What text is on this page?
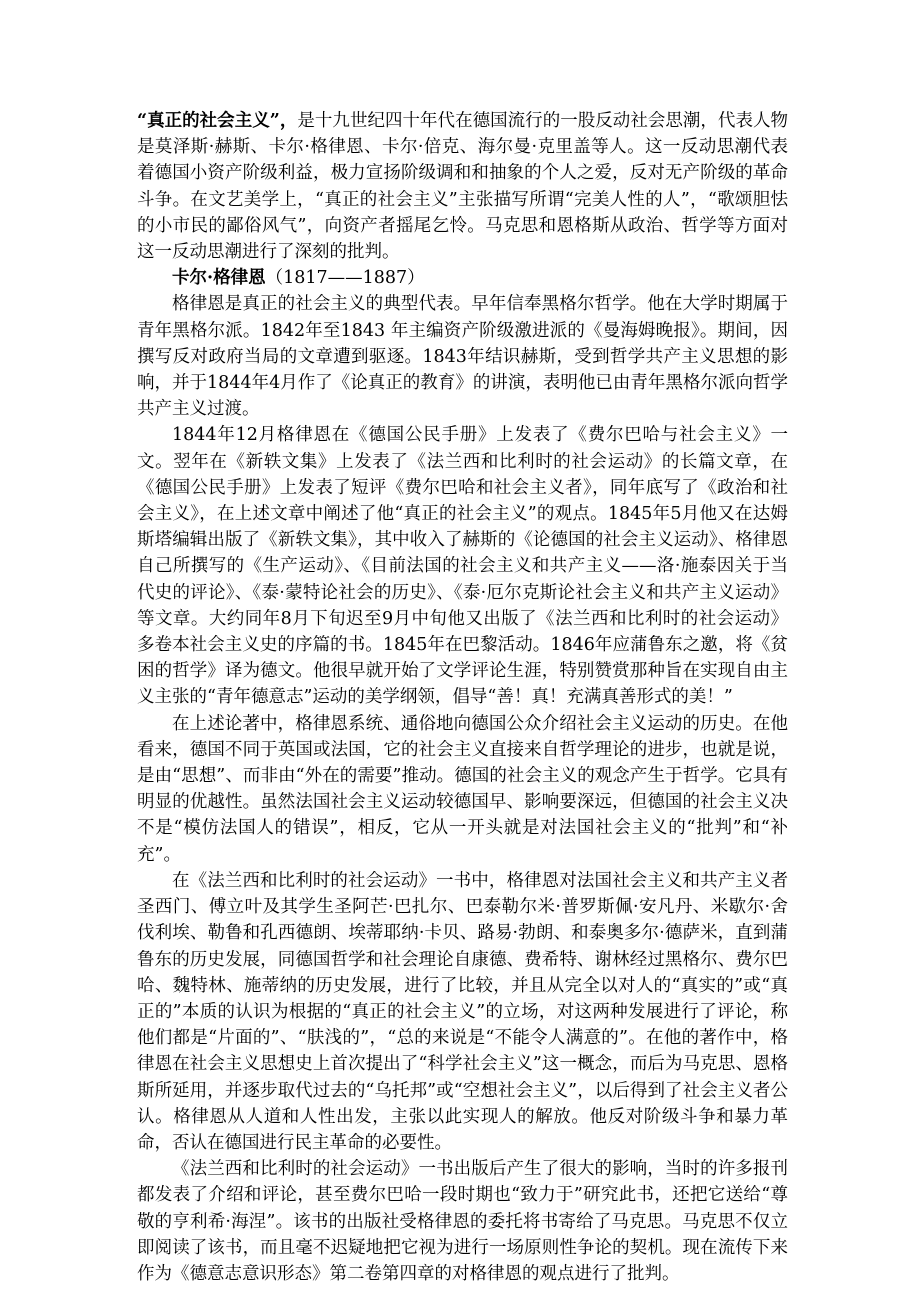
“真正的社会主义”，是十九世纪四十年代在德国流行的一股反动社会思潮，代表人物是莫泽斯·赫斯、卡尔·格律恩、卡尔·倍克、海尔曼·克里盖等人。这一反动思潮代表着德国小资产阶级利益，极力宣扬阶级调和和抽象的个人之爱，反对无产阶级的革命斗争。在文艺美学上，“真正的社会主义”主张描写所谓“完美人性的人”，“歌颂胆怯的小市民的鄙俗风气”，向资产者摇尾乞怜。马克思和恩格斯从政治、哲学等方面对这一反动思潮进行了深刻的批判。

卡尔·格律恩（1817——1887）

格律恩是真正的社会主义的典型代表。早年信奉黑格尔哲学。他在大学时期属于青年黑格尔派。1842年至1843 年主编资产阶级激进派的《曼海姆晚报》。期间，因撰写反对政府当局的文章遭到驱逐。1843年结识赫斯，受到哲学共产主义思想的影响，并于1844年4月作了《论真正的教育》的讲演，表明他已由青年黑格尔派向哲学共产主义过渡。

1844年12月格律恩在《德国公民手册》上发表了《费尔巴哈与社会主义》一文。翌年在《新轶文集》上发表了《法兰西和比利时的社会运动》的长篇文章，在《德国公民手册》上发表了短评《费尔巴哈和社会主义者》，同年底写了《政治和社会主义》，在上述文章中阐述了他“真正的社会主义”的观点。1845年5月他又在达姆斯塔编辑出版了《新轶文集》，其中收入了赫斯的《论德国的社会主义运动》、格律恩自己所撰写的《生产运动》、《目前法国的社会主义和共产主义——洛·施泰因关于当代史的评论》、《泰·蒙特论社会的历史》、《泰·厄尔克斯论社会主义和共产主义运动》等文章。大约同年8月下旬迟至9月中旬他又出版了《法兰西和比利时的社会运动》多卷本社会主义史的序篇的书。1845年在巴黎活动。1846年应蒲鲁东之邀，将《贫困的哲学》译为德文。他很早就开始了文学评论生涯，特别赞赏那种旨在实现自由主义主张的“青年德意志”运动的美学纲领，倡导“善！真！充满真善形式的美！”

在上述论著中，格律恩系统、通俗地向德国公众介绍社会主义运动的历史。在他看来，德国不同于英国或法国，它的社会主义直接来自哲学理论的进步，也就是说，是由“思想”、而非由“外在的需要”推动。德国的社会主义的观念产生于哲学。它具有明显的优越性。虽然法国社会主义运动较德国早、影响要深远，但德国的社会主义决不是“模仿法国人的错误”，相反，它从一开头就是对法国社会主义的“批判”和“补充”。

在《法兰西和比利时的社会运动》一书中，格律恩对法国社会主义和共产主义者圣西门、傅立叶及其学生圣阿芒·巴扎尔、巴泰勒尔米·普罗斯佩·安凡丹、米歇尔·舍伐利埃、勒鲁和孔西德朗、埃蒂耶纳·卡贝、路易·勃朗、和泰奥多尔·德萨米，直到蒲鲁东的历史发展，同德国哲学和社会理论自康德、费希特、谢林经过黑格尔、费尔巴哈、魏特林、施蒂纳的历史发展，进行了比较，并且从完全以对人的“真实的”或“真正的”本质的认识为根据的“真正的社会主义”的立场，对这两种发展进行了评论，称他们都是“片面的”、“肤浅的”，“总的来说是“不能令人满意的”。在他的著作中，格律恩在社会主义思想史上首次提出了“科学社会主义”这一概念，而后为马克思、恩格斯所延用，并逐步取代过去的“乌托邦”或“空想社会主义”，以后得到了社会主义者公认。格律恩从人道和人性出发，主张以此实现人的解放。他反对阶级斗争和暴力革命，否认在德国进行民主革命的必要性。

《法兰西和比利时的社会运动》一书出版后产生了很大的影响，当时的许多报刊都发表了介绍和评论，甚至费尔巴哈一段时期也“致力于”研究此书，还把它送给“尊敬的亨利希·海涅”。该书的出版社受格律恩的委托将书寄给了马克思。马克思不仅立即阅读了该书，而且毫不迟疑地把它视为进行一场原则性争论的契机。现在流传下来作为《德意志意识形态》第二卷第四章的对格律恩的观点进行了批判。
